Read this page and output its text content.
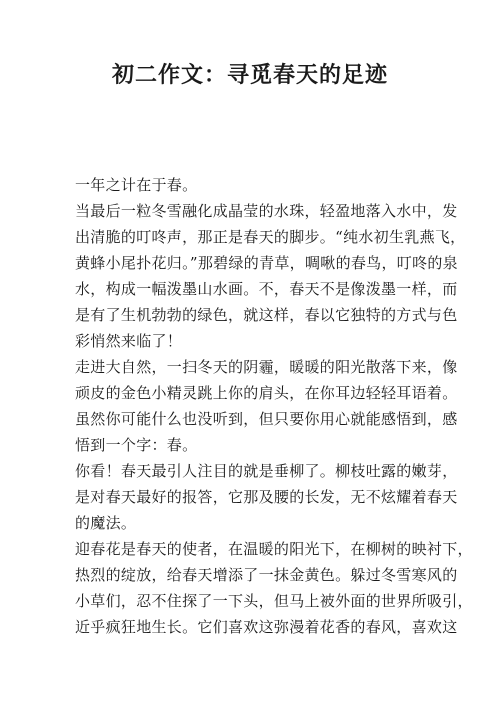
初二作文：寻觅春天的足迹
一年之计在于春。
当最后一粒冬雪融化成晶莹的水珠，轻盈地落入水中，发
出清脆的叮咚声，那正是春天的脚步。“纯水初生乳燕飞，
黄蜂小尾扑花归。”那碧绿的青草，啁啾的春鸟，叮咚的泉
水，构成一幅泼墨山水画。不，春天不是像泼墨一样，而
是有了生机勃勃的绿色，就这样，春以它独特的方式与色
彩悄然来临了！
走进大自然，一扫冬天的阴霾，暖暖的阳光散落下来，像
顽皮的金色小精灵跳上你的肩头，在你耳边轻轻耳语着。
虽然你可能什么也没听到，但只要你用心就能感悟到，感
悟到一个字：春。
你看！春天最引人注目的就是垂柳了。柳枝吐露的嫩芽，
是对春天最好的报答，它那及腰的长发，无不炫耀着春天
的魔法。
迎春花是春天的使者，在温暖的阳光下，在柳树的映衬下，
热烈的绽放，给春天增添了一抹金黄色。躲过冬雪寒风的
小草们，忍不住探了一下头，但马上被外面的世界所吸引，
近乎疯狂地生长。它们喜欢这弥漫着花香的春风，喜欢这
